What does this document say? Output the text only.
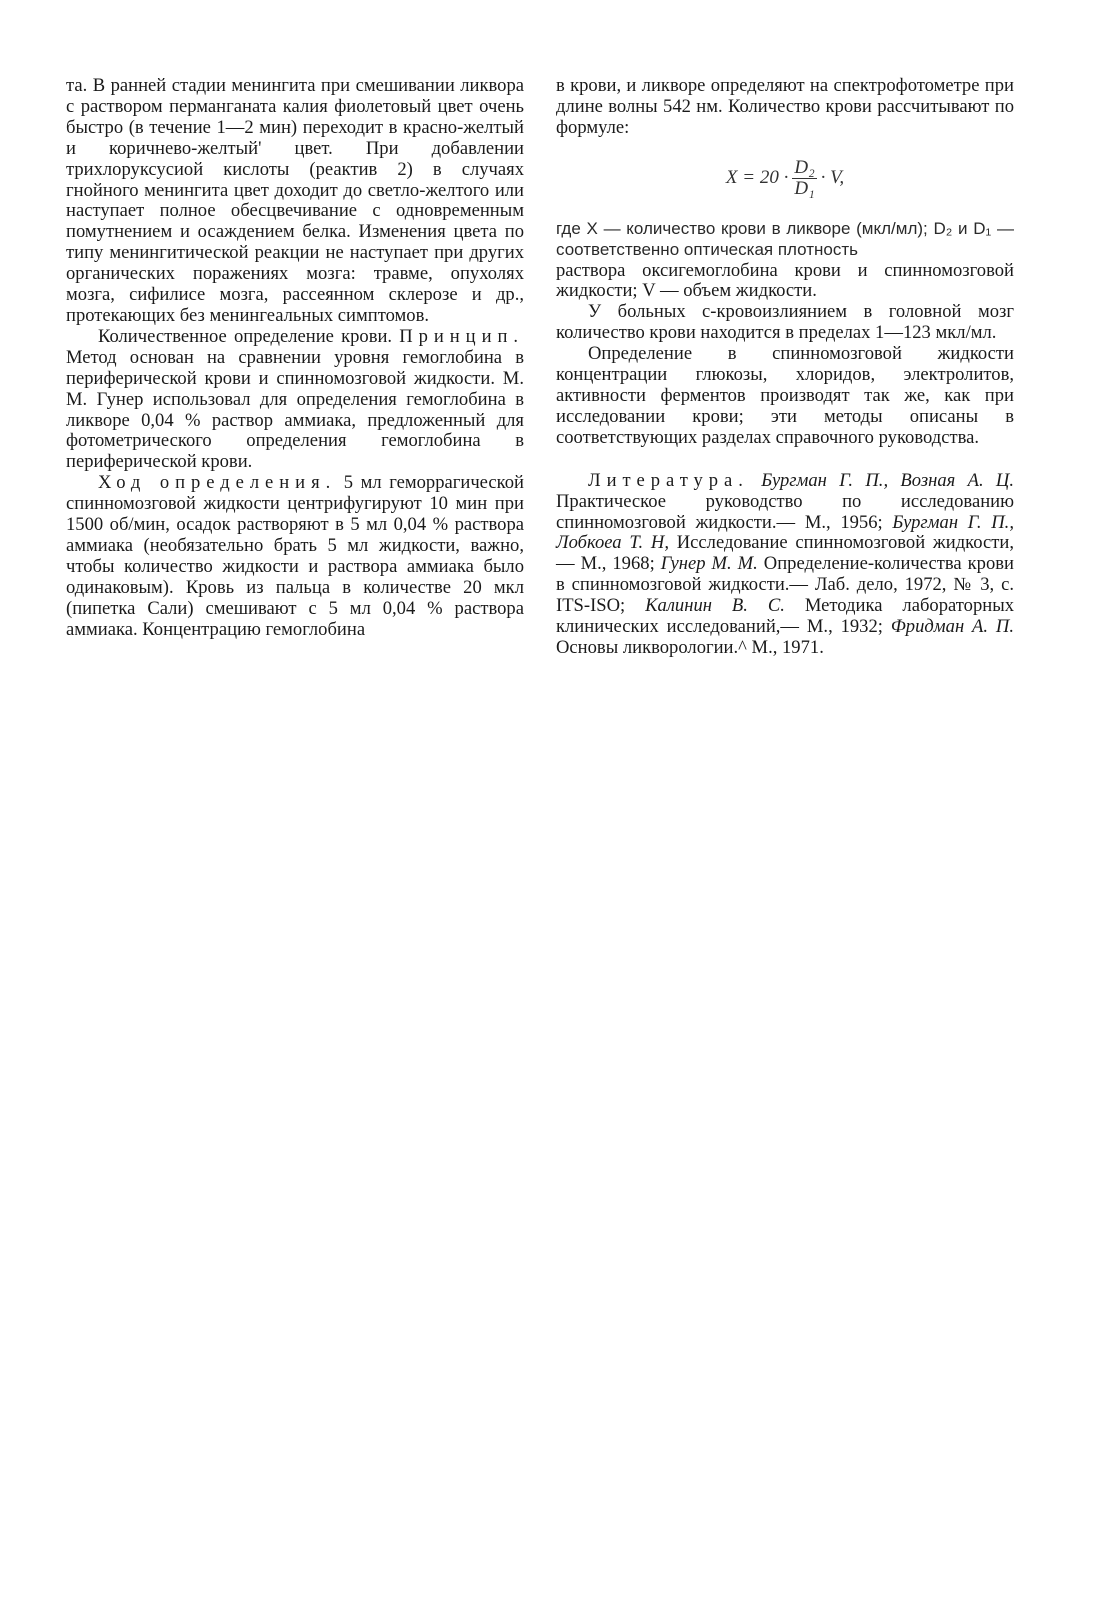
та. В ранней стадии менингита при смешивании ликвора с раствором перманганата калия фиолетовый цвет очень быстро (в течение 1—2 мин) переходит в красно-желтый и коричнево-желтый' цвет. При добавлении трихлоруксусиой кислоты (реактив 2) в случаях гнойного менингита цвет доходит до светло-желтого или наступает полное обесцвечивание с одновременным помутнением и осаждением белка. Изменения цвета по типу менингитической реакции не наступает при других органических поражениях мозга: травме, опухолях мозга, сифилисе мозга, рассеянном склерозе и др., протекающих без менингеальных симптомов.

Количественное определение крови. Принцип. Метод основан на сравнении уровня гемоглобина в периферической крови и спинномозговой жидкости. М. М. Гунер использовал для определения гемоглобина в ликворе 0,04 % раствор аммиака, предложенный для фотометрического определения гемоглобина в периферической крови.

Ход определения. 5 мл геморрагической спинномозговой жидкости центрифугируют 10 мин при 1500 об/мин, осадок растворяют в 5 мл 0,04 % раствора аммиака (необязательно брать 5 мл жидкости, важно, чтобы количество жидкости и раствора аммиака было одинаковым). Кровь из пальца в количестве 20 мкл (пипетка Сали) смешивают с 5 мл 0,04 % раствора аммиака. Концентрацию гемоглобина

в крови, и ликворе определяют на спектрофотометре при длине волны 542 нм. Количество крови рассчитывают по формуле:

$X = 20 \cdot \frac{\text{D₂}}{\text{D₁}} \cdot V$,

где X — количество крови в ликворе (мкл/мл); D₂ и D₁ — соответственно оптическая плотность

раствора оксигемоглобина крови и спинномозговой жидкости; V — объем жидкости.

У больных с-кровоизлиянием в головной мозг количество крови находится в пределах 1—123 мкл/мл.

Определение в спинномозговой жидкости концентрации глюкозы, хлоридов, электролитов, активности ферментов производят так же, как при исследовании крови; эти методы описаны в соответствующих разделах справочного руководства.

Литература. Бургман Г. П., Возная А. Ц. Практическое руководство по исследованию спинномозговой жидкости.— М., 1956; Бургман Г. П., Лобкоеа Т. Н, Исследование спинномозговой жидкости,— М., 1968; Гунер М. М. Определение-количества крови в спинномозговой жидкости.— Лаб. дело, 1972, № 3, с. ITS-ISO; Калинин В. С. Методика лабораторных клинических исследований,— М., 1932; Фридман А. П. Основы ликворологии.^ М., 1971.
